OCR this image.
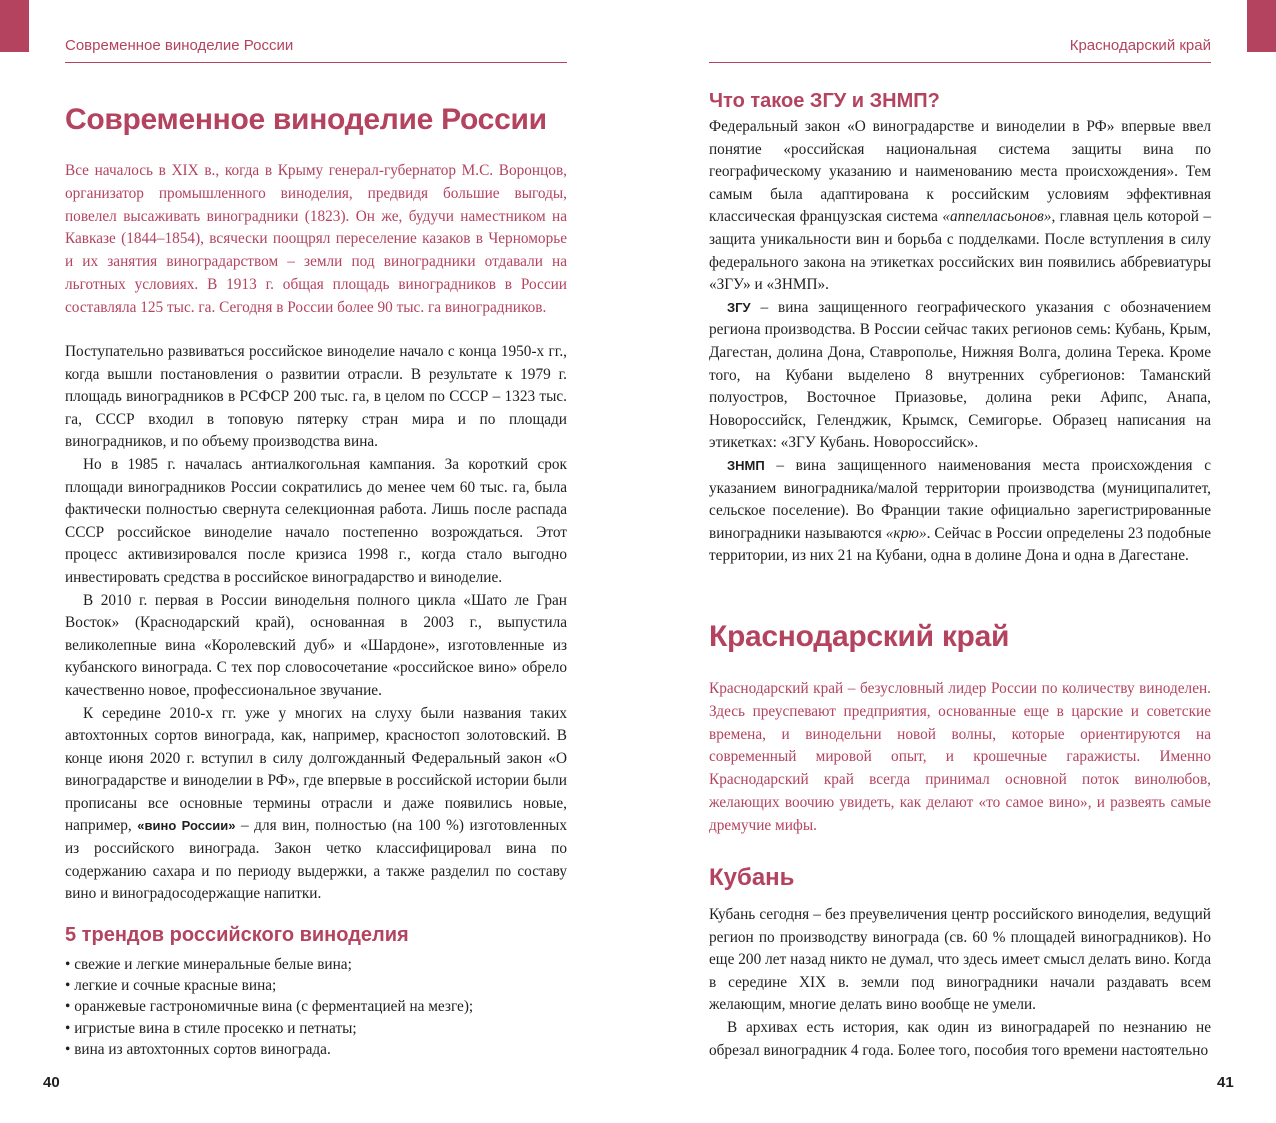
Современное виноделие России
Современное виноделие России
Все началось в XIX в., когда в Крыму генерал-губернатор М.С. Воронцов, организатор промышленного виноделия, предвидя большие выгоды, повелел высаживать виноградники (1823). Он же, будучи наместником на Кавказе (1844–1854), всячески поощрял переселение казаков в Черноморье и их занятия виноградарством – земли под виноградники отдавали на льготных условиях. В 1913 г. общая площадь виноградников в России составляла 125 тыс. га. Сегодня в России более 90 тыс. га виноградников.

Поступательно развиваться российское виноделие начало с конца 1950-х гг., когда вышли постановления о развитии отрасли. В результате к 1979 г. площадь виноградников в РСФСР 200 тыс. га, в целом по СССР – 1323 тыс. га, СССР входил в топовую пятерку стран мира и по площади виноградников, и по объему производства вина.

Но в 1985 г. началась антиалкогольная кампания. За короткий срок площади виноградников России сократились до менее чем 60 тыс. га, была фактически полностью свернута селекционная работа. Лишь после распада СССР российское виноделие начало постепенно возрождаться. Этот процесс активизировался после кризиса 1998 г., когда стало выгодно инвестировать средства в российское виноградарство и виноделие.

В 2010 г. первая в России винодельня полного цикла «Шато ле Гран Восток» (Краснодарский край), основанная в 2003 г., выпустила великолепные вина «Королевский дуб» и «Шардоне», изготовленные из кубанского винограда. С тех пор словосочетание «российское вино» обрело качественно новое, профессиональное звучание.

К середине 2010-х гг. уже у многих на слуху были названия таких автохтонных сортов винограда, как, например, красностоп золотовский. В конце июня 2020 г. вступил в силу долгожданный Федеральный закон «О виноградарстве и виноделии в РФ», где впервые в российской истории были прописаны все основные термины отрасли и даже появились новые, например, «вино России» – для вин, полностью (на 100 %) изготовленных из российского винограда. Закон четко классифицировал вина по содержанию сахара и по периоду выдержки, а также разделил по составу вино и виноградосодержащие напитки.

5 трендов российского виноделия
• свежие и легкие минеральные белые вина;
• легкие и сочные красные вина;
• оранжевые гастрономичные вина (с ферментацией на мезге);
• игристые вина в стиле просекко и петнаты;
• вина из автохтонных сортов винограда.
40
Краснодарский край
Что такое ЗГУ и ЗНМП?

Федеральный закон «О виноградарстве и виноделии в РФ» впервые ввел понятие «российская национальная система защиты вина по географическому указанию и наименованию места происхождения». Тем самым была адаптирована к российским условиям эффективная классическая французская система «аппелласьонов», главная цель которой – защита уникальности вин и борьба с подделками. После вступления в силу федерального закона на этикетках российских вин появились аббревиатуры «ЗГУ» и «ЗНМП».

ЗГУ – вина защищенного географического указания с обозначением региона производства. В России сейчас таких регионов семь: Кубань, Крым, Дагестан, долина Дона, Ставрополье, Нижняя Волга, долина Терека. Кроме того, на Кубани выделено 8 внутренних субрегионов: Таманский полуостров, Восточное Приазовье, долина реки Афипс, Анапа, Новороссийск, Геленджик, Крымск, Семигорье. Образец написания на этикетках: «ЗГУ Кубань. Новороссийск».

ЗНМП – вина защищенного наименования места происхождения с указанием виноградника/малой территории производства (муниципалитет, сельское поселение). Во Франции такие официально зарегистрированные виноградники называются «крю». Сейчас в России определены 23 подобные территории, из них 21 на Кубани, одна в долине Дона и одна в Дагестане.

Краснодарский край
Краснодарский край – безусловный лидер России по количеству виноделен. Здесь преуспевают предприятия, основанные еще в царские и советские времена, и винодельни новой волны, которые ориентируются на современный мировой опыт, и крошечные гаражисты. Именно Краснодарский край всегда принимал основной поток винолюбов, желающих воочию увидеть, как делают «то самое вино», и развеять самые дремучие мифы.
Кубань

Кубань сегодня – без преувеличения центр российского виноделия, ведущий регион по производству винограда (св. 60 % площадей виноградников). Но еще 200 лет назад никто не думал, что здесь имеет смысл делать вино. Когда в середине XIX в. земли под виноградники начали раздавать всем желающим, многие делать вино вообще не умели.

В архивах есть история, как один из виноградарей по незнанию не обрезал виноградник 4 года. Более того, пособия того времени настоятельно

41
